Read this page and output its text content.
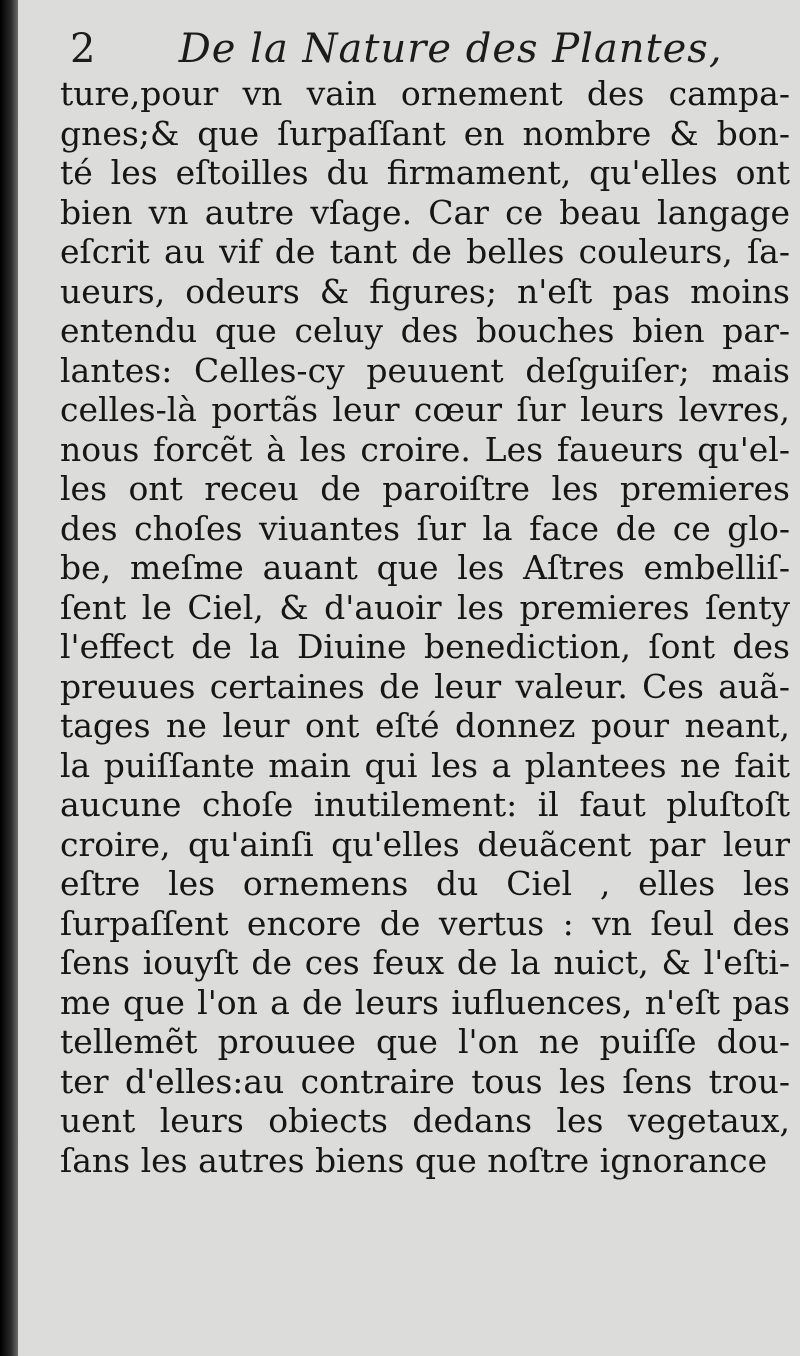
2 De la Nature des Plantes,
ture,pour vn vain ornement des campa-
gnes;& que ſurpaſſant en nombre & bon-
té les eſtoilles du firmament, qu'elles ont
bien vn autre vſage. Car ce beau langage
eſcrit au vif de tant de belles couleurs, ſa-
ueurs, odeurs & figures; n'eſt pas moins
entendu que celuy des bouches bien par-
lantes: Celles-cy peuuent deſguiſer; mais
celles-là portãs leur cœur ſur leurs levres,
nous forcẽt à les croire. Les faueurs qu'el-
les ont receu de paroiſtre les premieres
des choſes viuantes ſur la face de ce glo-
be, meſme auant que les Aſtres embelliſ-
ſent le Ciel, & d'auoir les premieres ſenty
l'effect de la Diuine benediction, ſont des
preuues certaines de leur valeur. Ces auã-
tages ne leur ont eſté donnez pour neant,
la puiſſante main qui les a plantees ne fait
aucune choſe inutilement: il faut pluſtoſt
croire, qu'ainſi qu'elles deuãcent par leur
eſtre les ornemens du Ciel , elles les
ſurpaſſent encore de vertus : vn ſeul des
ſens iouyſt de ces feux de la nuict, & l'eſti-
me que l'on a de leurs iufluences, n'eſt pas
tellemẽt prouuee que l'on ne puiſſe dou-
ter d'elles:au contraire tous les ſens trou-
uent leurs obiects dedans les vegetaux,
ſans les autres biens que noſtre ignorance
